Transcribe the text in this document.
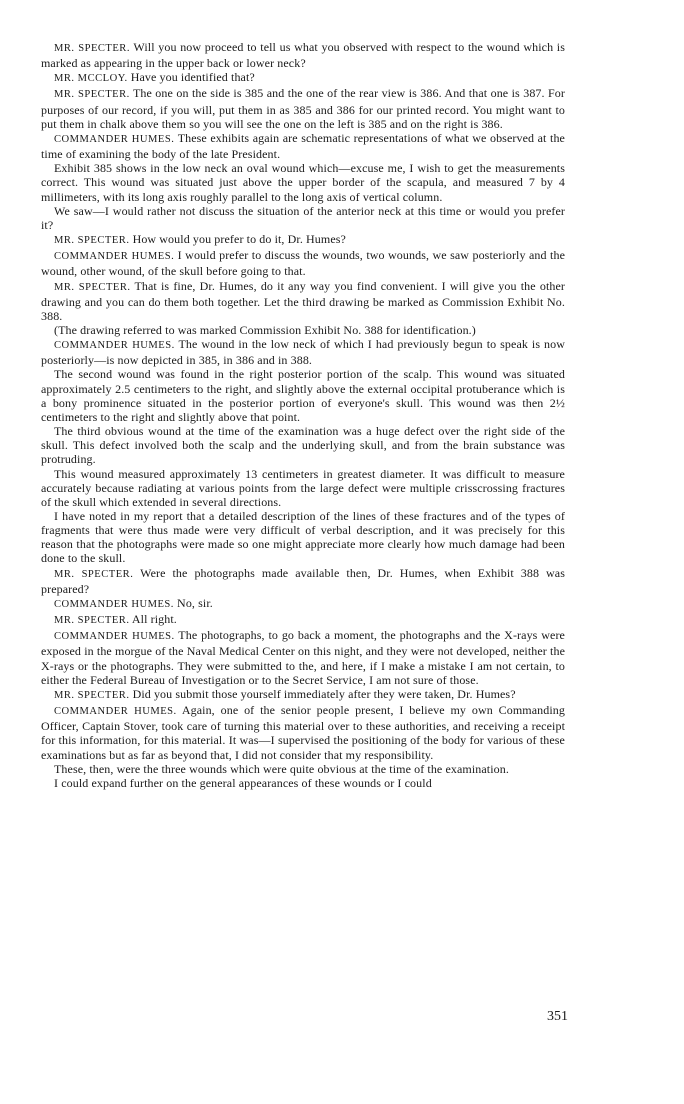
MR. SPECTER. Will you now proceed to tell us what you observed with respect to the wound which is marked as appearing in the upper back or lower neck?

MR. MCCLOY. Have you identified that?

MR. SPECTER. The one on the side is 385 and the one of the rear view is 386. And that one is 387. For purposes of our record, if you will, put them in as 385 and 386 for our printed record. You might want to put them in chalk above them so you will see the one on the left is 385 and on the right is 386.

COMMANDER HUMES. These exhibits again are schematic representations of what we observed at the time of examining the body of the late President.

Exhibit 385 shows in the low neck an oval wound which—excuse me, I wish to get the measurements correct. This wound was situated just above the upper border of the scapula, and measured 7 by 4 millimeters, with its long axis roughly parallel to the long axis of vertical column.

We saw—I would rather not discuss the situation of the anterior neck at this time or would you prefer it?

MR. SPECTER. How would you prefer to do it, Dr. Humes?

COMMANDER HUMES. I would prefer to discuss the wounds, two wounds, we saw posteriorly and the wound, other wound, of the skull before going to that.

MR. SPECTER. That is fine, Dr. Humes, do it any way you find convenient. I will give you the other drawing and you can do them both together. Let the third drawing be marked as Commission Exhibit No. 388.

(The drawing referred to was marked Commission Exhibit No. 388 for identification.)

COMMANDER HUMES. The wound in the low neck of which I had previously begun to speak is now posteriorly—is now depicted in 385, in 386 and in 388.

The second wound was found in the right posterior portion of the scalp. This wound was situated approximately 2.5 centimeters to the right, and slightly above the external occipital protuberance which is a bony prominence situated in the posterior portion of everyone's skull. This wound was then 2½ centimeters to the right and slightly above that point.

The third obvious wound at the time of the examination was a huge defect over the right side of the skull. This defect involved both the scalp and the underlying skull, and from the brain substance was protruding.

This wound measured approximately 13 centimeters in greatest diameter. It was difficult to measure accurately because radiating at various points from the large defect were multiple crisscrossing fractures of the skull which extended in several directions.

I have noted in my report that a detailed description of the lines of these fractures and of the types of fragments that were thus made were very difficult of verbal description, and it was precisely for this reason that the photographs were made so one might appreciate more clearly how much damage had been done to the skull.

MR. SPECTER. Were the photographs made available then, Dr. Humes, when Exhibit 388 was prepared?

COMMANDER HUMES. No, sir.

MR. SPECTER. All right.

COMMANDER HUMES. The photographs, to go back a moment, the photographs and the X-rays were exposed in the morgue of the Naval Medical Center on this night, and they were not developed, neither the X-rays or the photographs. They were submitted to the, and here, if I make a mistake I am not certain, to either the Federal Bureau of Investigation or to the Secret Service, I am not sure of those.

MR. SPECTER. Did you submit those yourself immediately after they were taken, Dr. Humes?

COMMANDER HUMES. Again, one of the senior people present, I believe my own Commanding Officer, Captain Stover, took care of turning this material over to these authorities, and receiving a receipt for this information, for this material. It was—I supervised the positioning of the body for various of these examinations but as far as beyond that, I did not consider that my responsibility.

These, then, were the three wounds which were quite obvious at the time of the examination.

I could expand further on the general appearances of these wounds or I could

351
